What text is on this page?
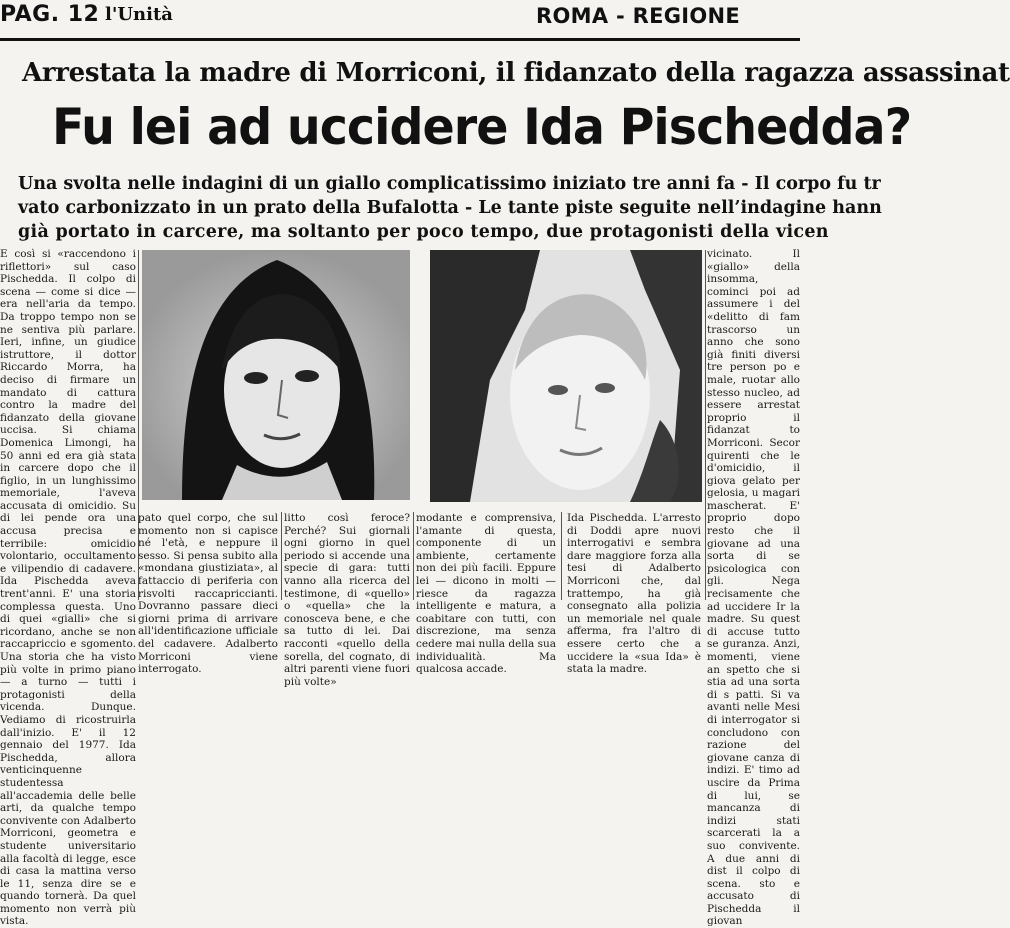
PAG. 12 l'Unità	ROMA - REGIONE
Arrestata la madre di Morriconi, il fidanzato della ragazza assassinat
Fu lei ad uccidere Ida Pischedda?
Una svolta nelle indagini di un giallo complicatissimo iniziato tre anni fa - Il corpo fu tr
vato carbonizzato in un prato della Bufalotta - Le tante piste seguite nell’indagine hann
già portato in carcere, ma soltanto per poco tempo, due protagonisti della vicen
E così si «raccendono i riflettori» sul caso Pischedda. Il colpo di scena — come si dice — era nell'aria da tempo. Da troppo tempo non se ne sentiva più parlare. Ieri, infine, un giudice istruttore, il dottor Riccardo Morra, ha deciso di firmare un mandato di cattura contro la madre del fidanzato della giovane uccisa. Si chiama Domenica Limongi, ha 50 anni ed era già stata in carcere dopo che il figlio, in un lunghissimo memoriale, l'aveva accusata di omicidio. Su di lei pende ora una accusa precisa e terribile: omicidio volontario, occultamento e vilipendio di cadavere. Ida Pischedda aveva trent'anni. E' una storia complessa questa. Uno di quei «gialli» che si ricordano, anche se non raccapriccio e sgomento. Una storia che ha visto più volte in primo piano — a turno — tutti i protagonisti della vicenda. Dunque. Vediamo di ricostruirla dall'inizio. E' il 12 gennaio del 1977. Ida Pischedda, allora venticinquenne studentessa all'accademia delle belle arti, da qualche tempo convivente con Adalberto Morriconi, geometra e studente universitario alla facoltà di legge, esce di casa la mattina verso le 11, senza dire se e quando tornerà. Da quel momento non verrà più vista.
vicinato. Il «giallo» della insomma, cominci poi ad assumere i del «delitto di fam trascorso un anno che sono già finiti diversi tre person po e male, ruotar allo stesso nucleo, ad essere arrestat proprio il fidanzat to Morriconi. Secor quirenti che le d'omicidio, il giova gelato per gelosia, u magari mascherat. E' proprio dopo resto che il giovane ad una sorta di se psicologica con gli. Nega recisamente che ad uccidere Ir la madre. Su quest di accuse tutto se guranza. Anzi, momenti, viene an spetto che si stia ad una sorta di s patti. Si va avanti nelle Mesi di interrogator si concludono con razione del giovane canza di indizi. E' timo ad uscire da Prima di lui, se mancanza di indizi stati scarcerati la a suo convivente. A due anni di dist il colpo di scena. sto e accusato di Pischedda il giovan
pato quel corpo, che sul momento non si capisce né l'età, e neppure il sesso. Si pensa subito alla «mondana giustiziata», al fattaccio di periferia con risvolti raccapriccianti. Dovranno passare dieci giorni prima di arrivare all'identificazione ufficiale del cadavere. Adalberto Morriconi viene interrogato.
litto così feroce? Perché? Sui giornali ogni giorno in quel periodo si accende una specie di gara: tutti vanno alla ricerca del testimone, di «quello» o «quella» che la conosceva bene, e che sa tutto di lei. Dai racconti «quello della sorella, del cognato, di altri parenti viene fuori più volte»
modante e comprensiva, l'amante di questa, componente di un ambiente, certamente non dei più facili. Eppure lei — dicono in molti — riesce da ragazza intelligente e matura, a coabitare con tutti, con discrezione, ma senza cedere mai nulla della sua individualità. Ma qualcosa accade.
Ida Pischedda. L'arresto di Doddi apre nuovi interrogativi e sembra dare maggiore forza alla tesi di Adalberto Morriconi che, dal trattempo, ha già consegnato alla polizia un memoriale nel quale afferma, fra l'altro di essere certo che a uccidere la «sua Ida» è stata la madre.
